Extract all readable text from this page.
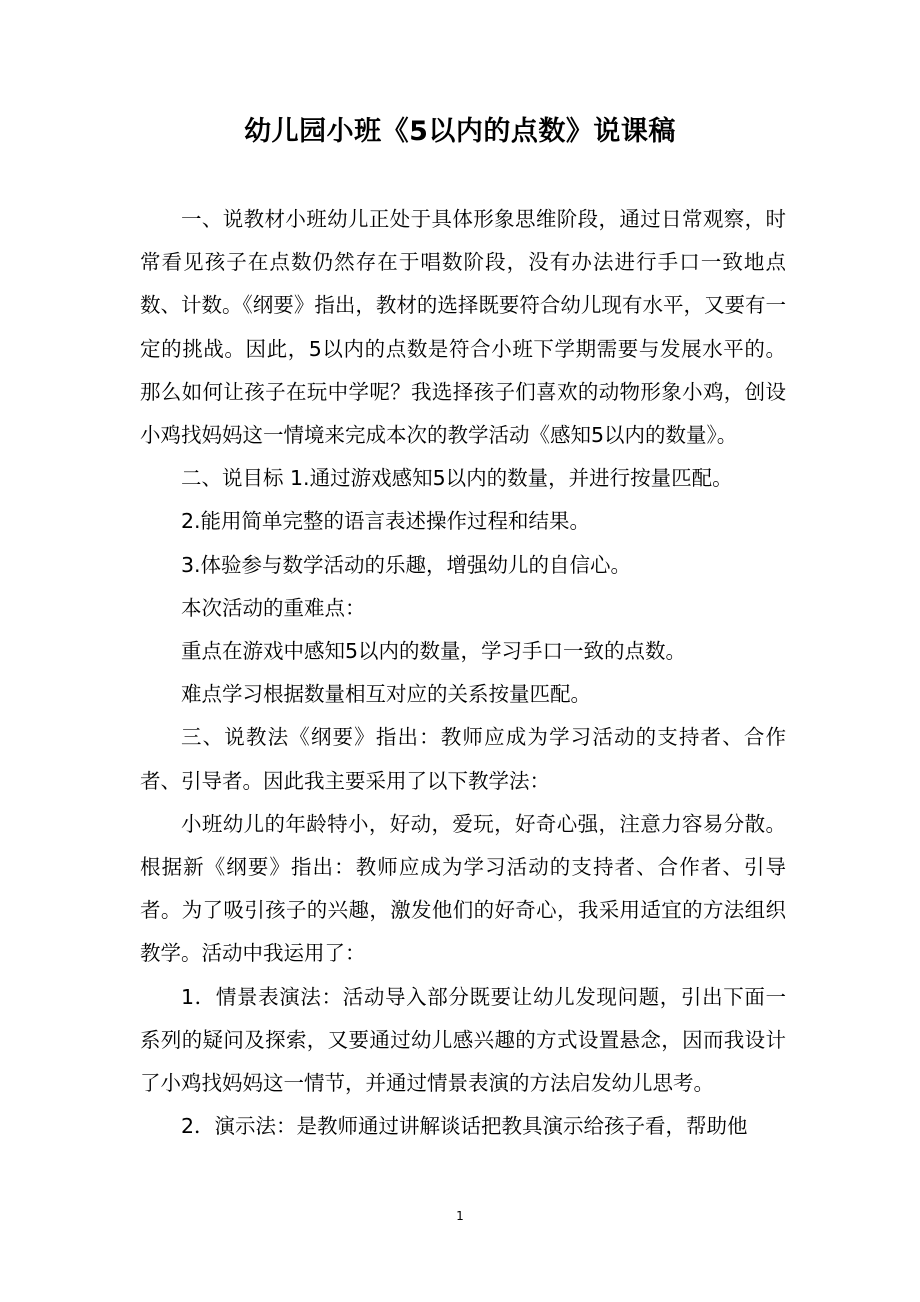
幼儿园小班《5以内的点数》说课稿

一、说教材小班幼儿正处于具体形象思维阶段，通过日常观察，时常看见孩子在点数仍然存在于唱数阶段，没有办法进行手口一致地点数、计数。《纲要》指出，教材的选择既要符合幼儿现有水平，又要有一定的挑战。因此，5以内的点数是符合小班下学期需要与发展水平的。那么如何让孩子在玩中学呢？我选择孩子们喜欢的动物形象小鸡，创设小鸡找妈妈这一情境来完成本次的教学活动《感知5以内的数量》。

二、说目标 1.通过游戏感知5以内的数量，并进行按量匹配。

2.能用简单完整的语言表述操作过程和结果。

3.体验参与数学活动的乐趣，增强幼儿的自信心。

本次活动的重难点：

重点在游戏中感知5以内的数量，学习手口一致的点数。

难点学习根据数量相互对应的关系按量匹配。

三、说教法《纲要》指出：教师应成为学习活动的支持者、合作者、引导者。因此我主要采用了以下教学法：

小班幼儿的年龄特小，好动，爱玩，好奇心强，注意力容易分散。根据新《纲要》指出：教师应成为学习活动的支持者、合作者、引导者。为了吸引孩子的兴趣，激发他们的好奇心，我采用适宜的方法组织教学。活动中我运用了：

1．情景表演法：活动导入部分既要让幼儿发现问题，引出下面一系列的疑问及探索，又要通过幼儿感兴趣的方式设置悬念，因而我设计了小鸡找妈妈这一情节，并通过情景表演的方法启发幼儿思考。

2．演示法：是教师通过讲解谈话把教具演示给孩子看，帮助他

1
